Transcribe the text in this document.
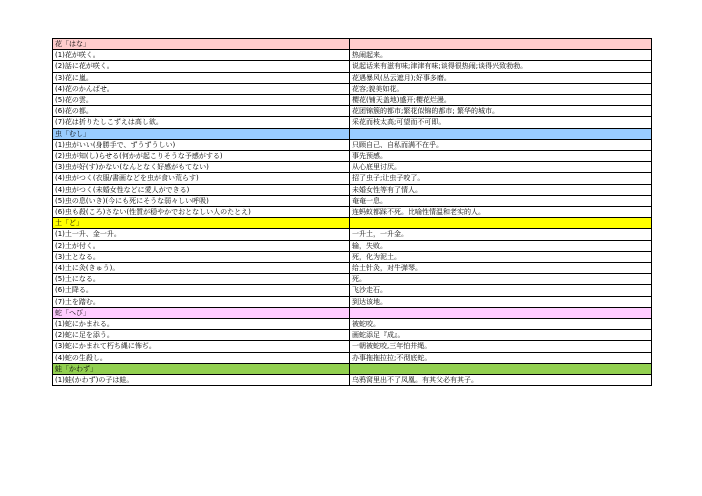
花「はな」	
(1)花が咲く。	热闹起来。
(2)話に花が咲く。	说起话来有滋有味;津津有味;谈得很热闹;谈得兴致勃勃。
(3)花に嵐。	花遇暴风(丛云遮月);好事多磨。
(4)花のかんばせ。	花容;貌美如花。
(5)花の雲。	樱花(铺天盖地)盛开;樱花烂漫。
(6)花の都。	花团锦簇的都市;繁花似锦的都市; 繁华的城市。
(7)花は折りたしこずえは高し欲。	采花而枝太高;可望而不可即。
虫「むし」	
(1)虫がいい(身勝手で、ずうずうしい)	只顾自己、自私而满不在乎。
(2)虫が知(し)らせる(何かが起こりそうな予感がする)	事先预感。
(3)虫が好(す)かない(なんとなく好感がもてない)	从心底里讨厌。
(4)虫がつく(衣服/書画などを虫が食い荒らす)	招了虫子;让虫子咬了。
(4)虫がつく(未婚女性などに愛人ができる)	未婚女性等有了情人。
(5)虫の息(いき)(今にも死にそうな弱々しい呼吸)	奄奄一息。
(6)虫も殺(ころ)さない(性質が穏やかでおとなしい人のたとえ)	连蚂蚁都踩不死。比喻性情温和老实的人。
土「ど」	
(1)土一升、金一升。	一升土，一升金。
(2)土が付く。	输，失败。
(3)土となる。	死，化为泥土。
(4)土に灸(きゅう)。	给土针灸，对牛弹琴。
(5)土になる。	死。
(6)土降る。	飞沙走石。
(7)土を踏む。	到达该地。
蛇「へび」	
(1)蛇にかまれる。	被蛇咬。
(2)蛇に足を添う。	画蛇添足『成』。
(3)蛇にかまれて朽ち縄に怖ぢ。	一朝被蛇咬,三年怕井绳。
(4)蛇の生殺し。	办事拖拖拉拉;不彻底蛇。
蛙「かわず」	
(1)蛙(かわず)の子は蛙。	乌鸦窝里出不了凤凰。有其父必有其子。
